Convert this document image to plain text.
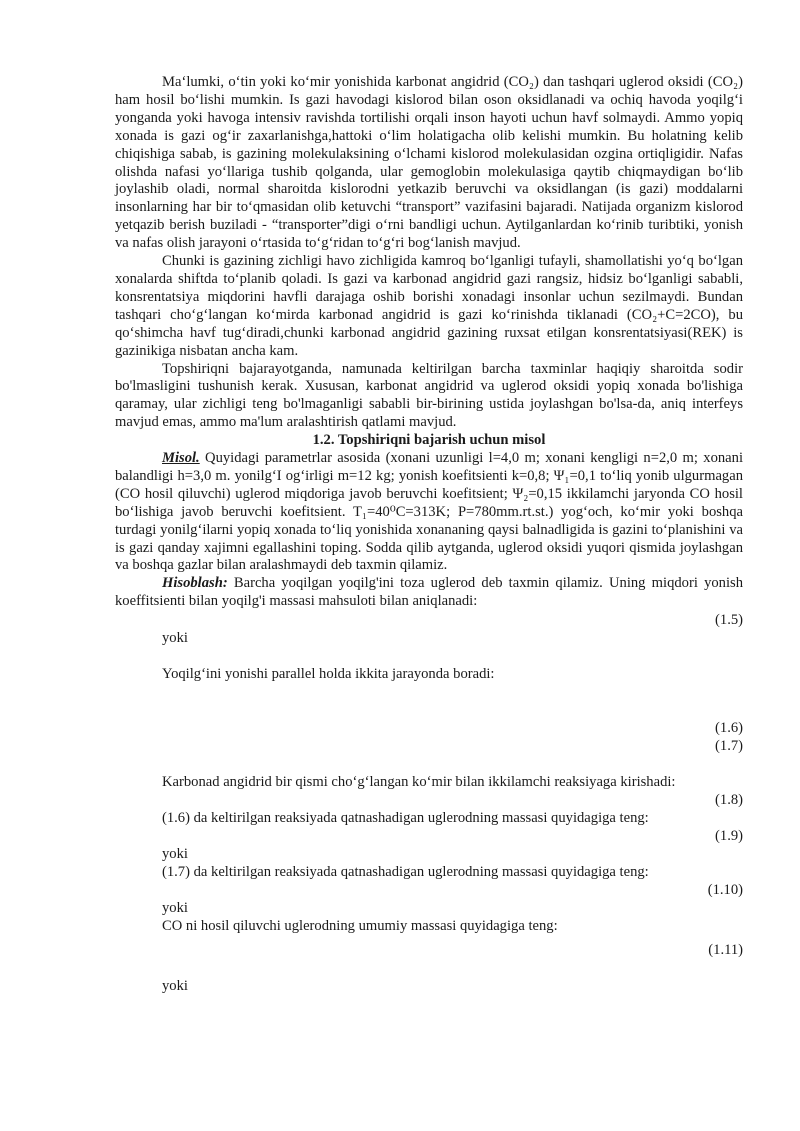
Ma‘lumki, o‘tin yoki ko‘mir yonishida karbonat angidrid (CO₂) dan tashqari uglerod oksidi (CO₂) ham hosil bo‘lishi mumkin. Is gazi havodagi kislorod bilan oson oksidlanadi va ochiq havoda yoqilg‘i yonganda yoki havoga intensiv ravishda tortilishi orqali inson hayoti uchun havf solmaydi. Ammo yopiq xonada is gazi og‘ir zaxarlanishga,hattoki o‘lim holatigacha olib kelishi mumkin. Bu holatning kelib chiqishiga sabab, is gazining molekulaksining o‘lchami kislorod molekulasidan ozgina ortiqligidir. Nafas olishda nafasi yo‘llariga tushib qolganda, ular gemoglobin molekulasiga qaytib chiqmaydigan bo‘lib joylashib oladi, normal sharoitda kislorodni yetkazib beruvchi va oksidlangan (is gazi) moddalarni insonlarning har bir to‘qmasidan olib ketuvchi “transport” vazifasini bajaradi. Natijada organizm kislorod yetqazib berish buziladi - “transporter”digi o‘rni bandligi uchun. Aytilganlardan ko‘rinib turibtiki, yonish va nafas olish jarayoni o‘rtasida to‘g‘ridan to‘g‘ri bog‘lanish mavjud.

Chunki is gazining zichligi havo zichligida kamroq bo‘lganligi tufayli, shamollatishi yo‘q bo‘lgan xonalarda shiftda to‘planib qoladi. Is gazi va karbonad angidrid gazi rangsiz, hidsiz bo‘lganligi sababli, konsrentatsiya miqdorini havfli darajaga oshib borishi xonadagi insonlar uchun sezilmaydi. Bundan tashqari cho‘g‘langan ko‘mirda karbonad angidrid is gazi ko‘rinishda tiklanadi (CO₂+C=2CO), bu qo‘shimcha havf tug‘diradi,chunki karbonad angidrid gazining ruxsat etilgan konsrentatsiyasi(REK) is gazinikiga nisbatan ancha kam.

Topshiriqni bajarayotganda, namunada keltirilgan barcha taxminlar haqiqiy sharoitda sodir bo'lmasligini tushunish kerak. Xususan, karbonat angidrid va uglerod oksidi yopiq xonada bo'lishiga qaramay, ular zichligi teng bo'lmaganligi sababli bir-birining ustida joylashgan bo'lsa-da, aniq interfeys mavjud emas, ammo ma'lum aralashtirish qatlami mavjud.

1.2. Topshiriqni bajarish uchun misol

Misol. Quyidagi parametrlar asosida (xonani uzunligi l=4,0 m; xonani kengligi n=2,0 m; xonani balandligi h=3,0 m. yonilg‘I og‘irligi m=12 kg; yonish koefitsienti k=0,8; Ψ₁=0,1 to‘liq yonib ulgurmagan (CO hosil qiluvchi) uglerod miqdoriga javob beruvchi koefitsient; Ψ₂=0,15 ikkilamchi jaryonda CO hosil bo‘lishiga javob beruvchi koefitsient. T₁=40⁰C=313K; P=780mm.rt.st.) yog‘och, ko‘mir yoki boshqa turdagi yonilg‘ilarni yopiq xonada to‘liq yonishida xonananing qaysi balnadligida is gazini to‘planishini va is gazi qanday xajimni egallashini toping. Sodda qilib aytganda, uglerod oksidi yuqori qismida joylashgan va boshqa gazlar bilan aralashmaydi deb taxmin qilamiz.

Hisoblash: Barcha yoqilgan yoqilg'ini toza uglerod deb taxmin qilamiz. Uning miqdori yonish koeffitsienti bilan yoqilg'i massasi mahsuloti bilan aniqlanadi:

(1.5)

yoki

Yoqilg‘ini yonishi parallel holda ikkita jarayonda boradi:

(1.6)

(1.7)

Karbonad angidrid bir qismi cho‘g‘langan ko‘mir bilan ikkilamchi reaksiyaga kirishadi:

(1.8)

(1.6) da keltirilgan reaksiyada qatnashadigan uglerodning massasi quyidagiga teng:

(1.9)

yoki

(1.7) da keltirilgan reaksiyada qatnashadigan uglerodning massasi quyidagiga teng:

(1.10)

yoki

CO ni hosil qiluvchi uglerodning umumiy massasi quyidagiga teng:

(1.11)

yoki
